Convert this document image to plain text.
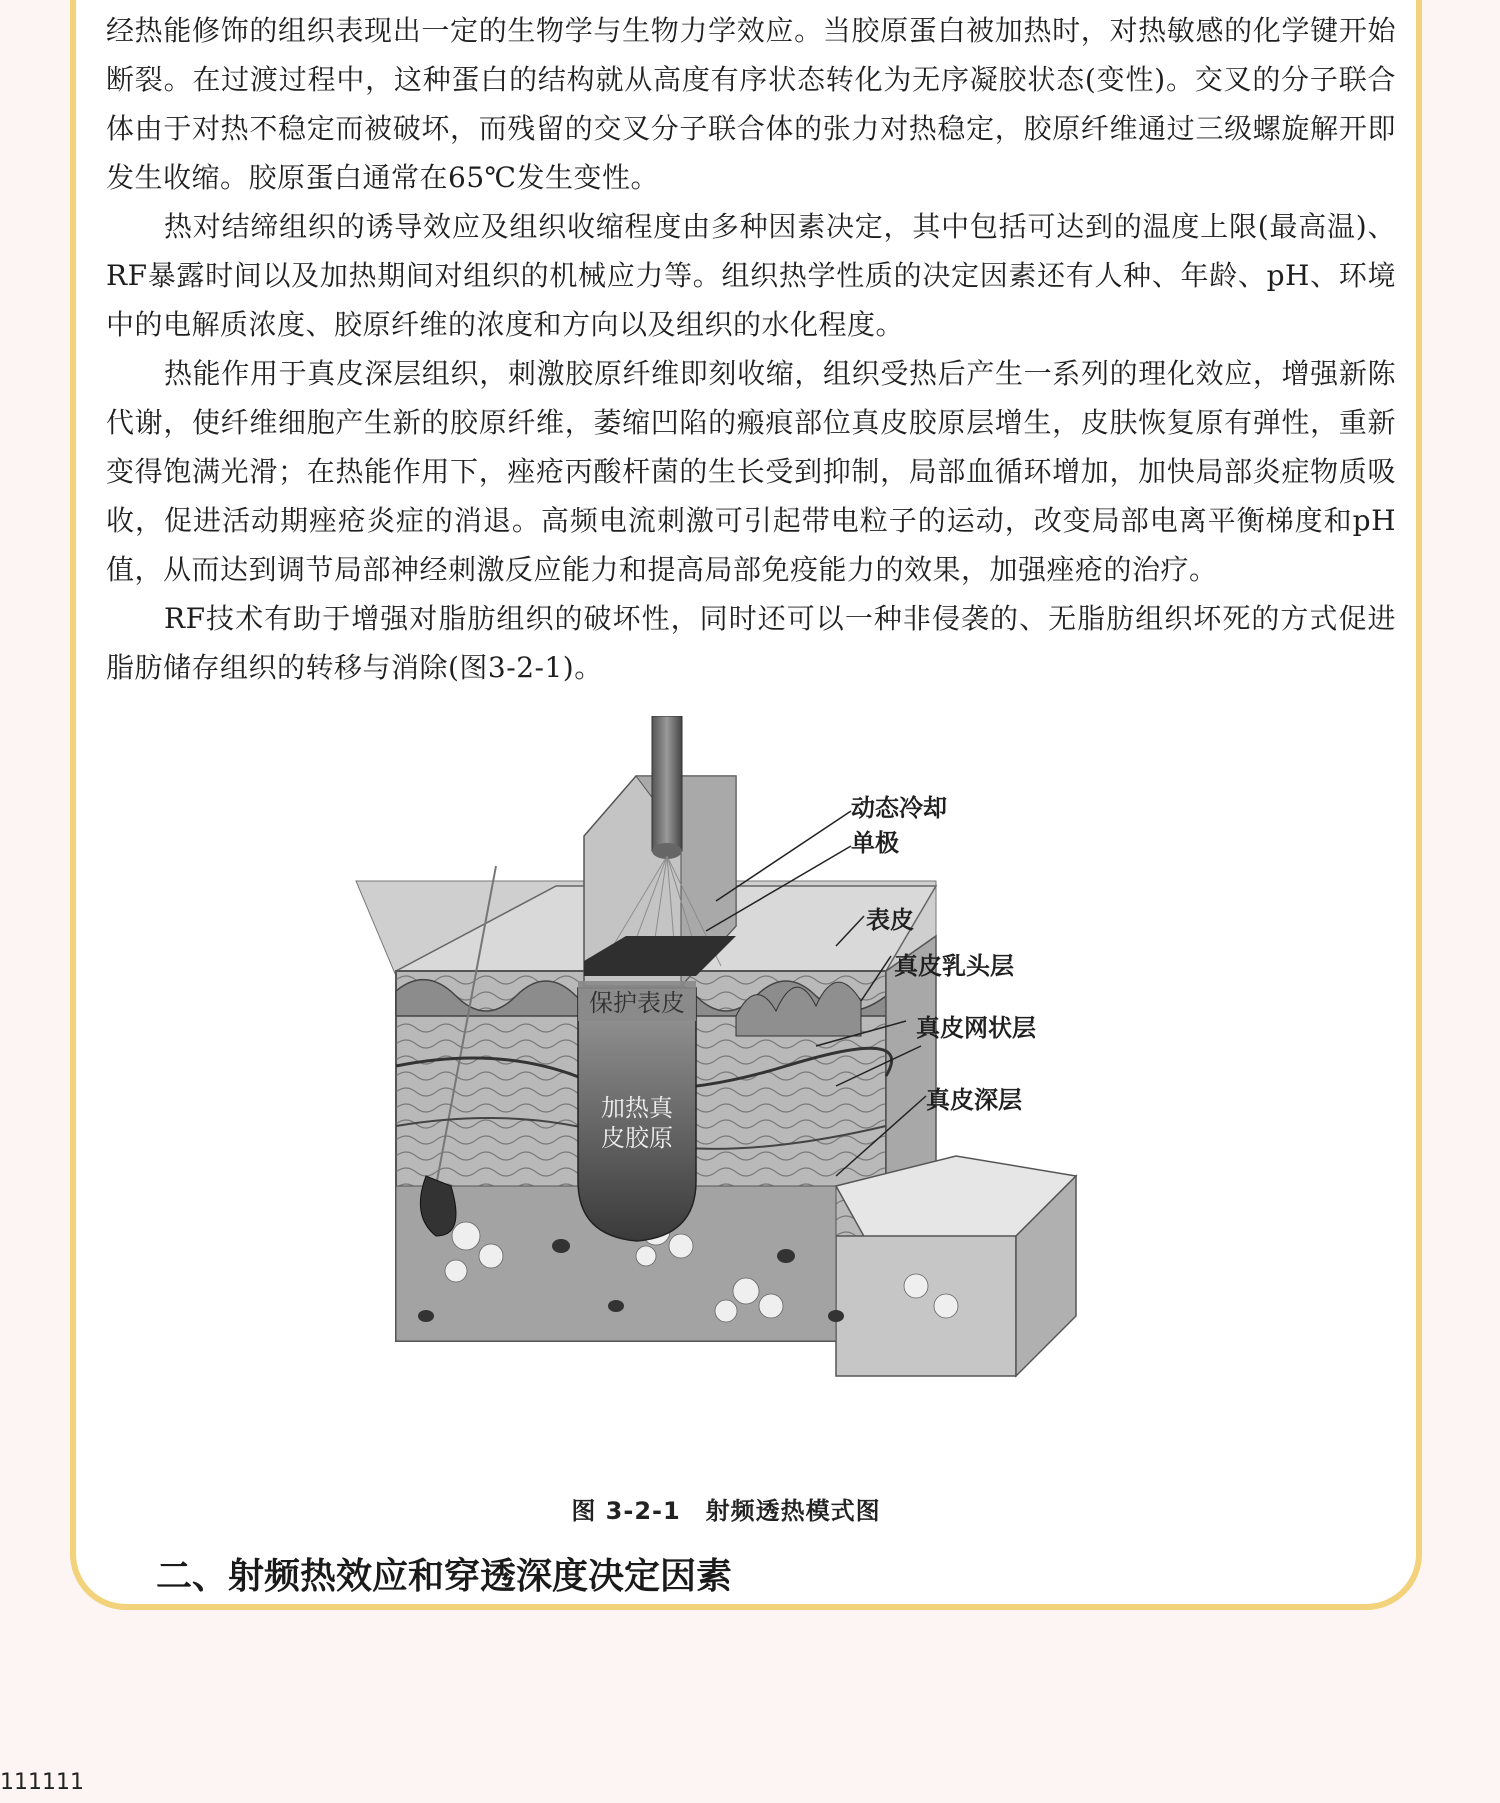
经热能修饰的组织表现出一定的生物学与生物力学效应。当胶原蛋白被加热时，对热敏感的化学键开始断裂。在过渡过程中，这种蛋白的结构就从高度有序状态转化为无序凝胶状态(变性)。交叉的分子联合体由于对热不稳定而被破坏，而残留的交叉分子联合体的张力对热稳定，胶原纤维通过三级螺旋解开即发生收缩。胶原蛋白通常在65℃发生变性。

热对结缔组织的诱导效应及组织收缩程度由多种因素决定，其中包括可达到的温度上限(最高温)、RF暴露时间以及加热期间对组织的机械应力等。组织热学性质的决定因素还有人种、年龄、pH、环境中的电解质浓度、胶原纤维的浓度和方向以及组织的水化程度。

热能作用于真皮深层组织，刺激胶原纤维即刻收缩，组织受热后产生一系列的理化效应，增强新陈代谢，使纤维细胞产生新的胶原纤维，萎缩凹陷的瘢痕部位真皮胶原层增生，皮肤恢复原有弹性，重新变得饱满光滑；在热能作用下，痤疮丙酸杆菌的生长受到抑制，局部血循环增加，加快局部炎症物质吸收，促进活动期痤疮炎症的消退。高频电流刺激可引起带电粒子的运动，改变局部电离平衡梯度和pH值，从而达到调节局部神经刺激反应能力和提高局部免疫能力的效果，加强痤疮的治疗。

RF技术有助于增强对脂肪组织的破坏性，同时还可以一种非侵袭的、无脂肪组织坏死的方式促进脂肪储存组织的转移与消除(图3-2-1)。

保护表皮
加热真
皮胶原
动态冷却
单极
表皮
真皮乳头层
真皮网状层
真皮深层
图 3-2-1　射频透热模式图
二、射频热效应和穿透深度决定因素
111111
